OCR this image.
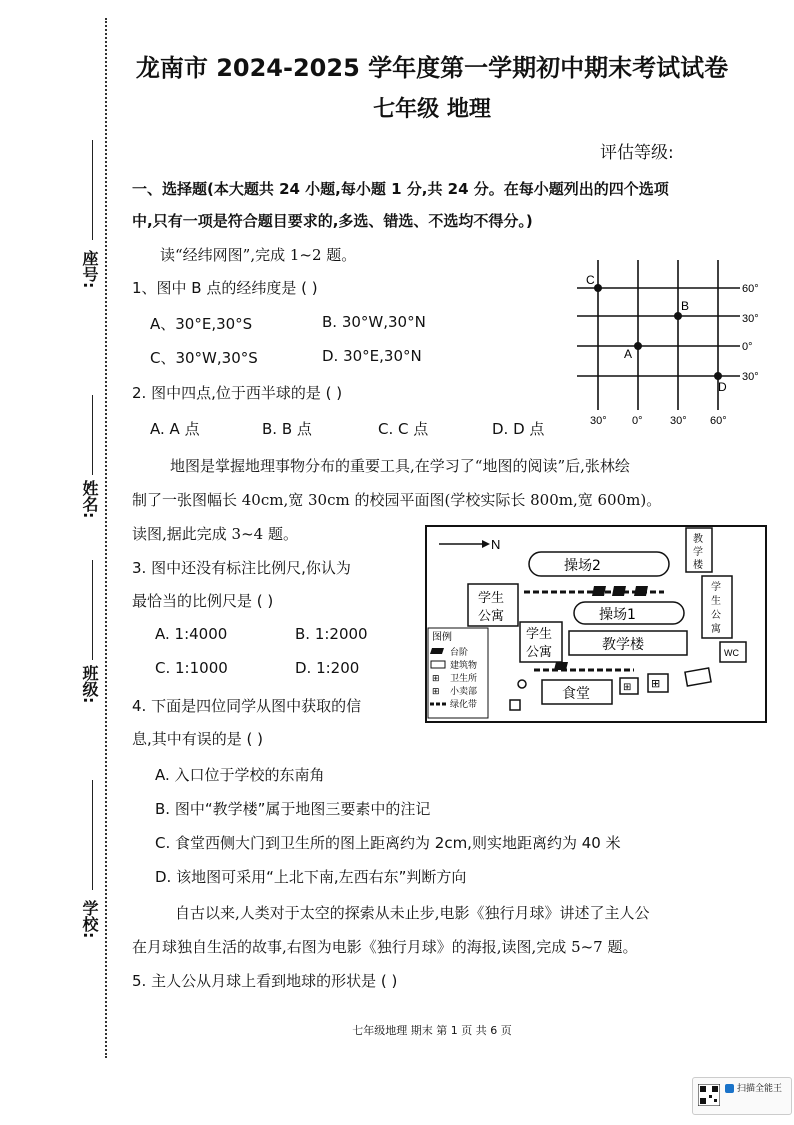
座号:
姓名:
班级:
学校:
龙南市 2024-2025 学年度第一学期初中期末考试试卷
七年级 地理
评估等级:
一、选择题(本大题共 24 小题,每小题 1 分,共 24 分。在每小题列出的四个选项
中,只有一项是符合题目要求的,多选、错选、不选均不得分。)
读“经纬网图”,完成 1~2 题。
1、图中 B 点的经纬度是 ( )
A、30°E,30°S	B. 30°W,30°N
C、30°W,30°S	D. 30°E,30°N
2. 图中四点,位于西半球的是 ( )
A. A 点	B. B 点	C. C 点	D. D 点
C
B
A
D
60°
30°
0°
30°
30° 0° 30° 60°
地图是掌握地理事物分布的重要工具,在学习了“地图的阅读”后,张林绘
制了一张图幅长 40cm,宽 30cm 的校园平面图(学校实际长 800m,宽 600m)。
读图,据此完成 3~4 题。
3. 图中还没有标注比例尺,你认为
最恰当的比例尺是 ( )
A. 1:4000	B. 1:2000
C. 1:1000	D. 1:200
N
操场2
操场1
学生
公寓
学生
公寓	教学楼
教
学
楼
学
生
公
寓
WC
食堂	⊞ ⊞
图例
台阶
建筑物
⊞ 卫生所
⊞ 小卖部
绿化带
4. 下面是四位同学从图中获取的信
息,其中有误的是 ( )
A. 入口位于学校的东南角
B. 图中“教学楼”属于地图三要素中的注记
C. 食堂西侧大门到卫生所的图上距离约为 2cm,则实地距离约为 40 米
D. 该地图可采用“上北下南,左西右东”判断方向
自古以来,人类对于太空的探索从未止步,电影《独行月球》讲述了主人公
在月球独自生活的故事,右图为电影《独行月球》的海报,读图,完成 5~7 题。
5. 主人公从月球上看到地球的形状是 ( )
七年级地理 期末 第 1 页 共 6 页
扫描全能王
